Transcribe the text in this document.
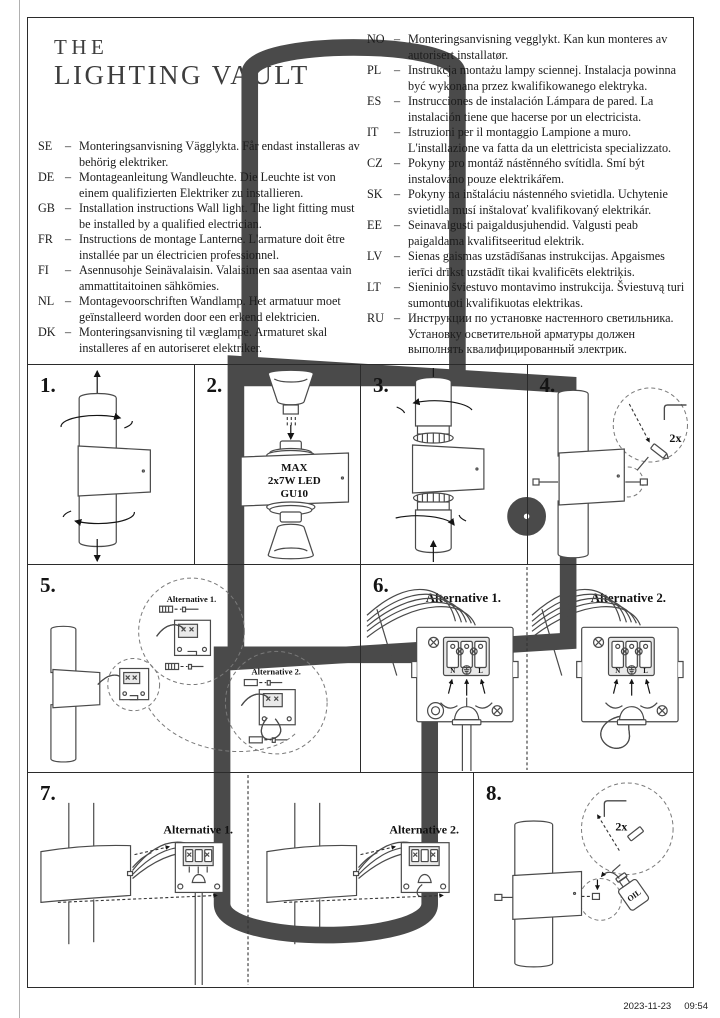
THE
LIGHTING VAULT
SE	– Monteringsanvisning Vägglykta. Får endast installeras av behörig elektriker.
DE – Montageanleitung Wandleuchte. Die Leuchte ist von einem qualifizierten Elektriker zu installieren.
GB – Installation instructions Wall light. The light fitting must be installed by a qualified electrician.
FR – Instructions de montage Lanterne. L'armature doit être installée par un électricien professionnel.
FI	– Asennusohje Seinävalaisin. Valaisimen saa asentaa vain ammattitaitoinen sähkömies.
NL – Montagevoorschriften Wandlamp. Het armatuur moet geïnstalleerd worden door een erkend elektricien.
DK – Monteringsanvisning til væglampe. Armaturet skal installeres af en autoriseret elektriker.
NO – Monteringsanvisning vegglykt. Kan kun monteres av autorisert installatør.
PL	– Instrukcja montażu lampy sciennej. Instalacja powinna być wykonana przez kwalifikowanego elektryka.
ES	– Instrucciones de instalación Lámpara de pared. La instalación tiene que hacerse por un electricista.
IT	– Istruzioni per il montaggio Lampione a muro. L'installazione va fatta da un elettricista specializzato.
CZ – Pokyny pro montáž nástěnného svítidla. Smí být instalováno pouze elektrikářem.
SK – Pokyny na inštaláciu nástenného svietidla. Uchytenie svietidla musí inštalovať kvalifikovaný elektrikár.
EE – Seinavalgusti paigaldusjuhendid. Valgusti peab paigaldama kvalifitseeritud elektrik.
LV – Sienas gaismas uzstādīšanas instrukcijas. Apgaismes ierīci drīkst uzstādīt tikai kvalificēts elektriķis.
LT	– Sieninio šviestuvo montavimo instrukcija. Šviestuvą turi sumontuoti kvalifikuotas elektrikas.
RU – Инструкции по установке настенного светильника. Установку осветительной арматуры должен выполнять квалифицированный электрик.
1.	2.
MAX
2x7W LED
GU10
3.	4.
2x
5.
Alternative 1.
Alternative 2.
6.
Alternative 1.
N	L
Alternative 2.
N	L
7.
Alternative 1.	Alternative 2.
8.
OIL
2x
2023-11-23 09:54
